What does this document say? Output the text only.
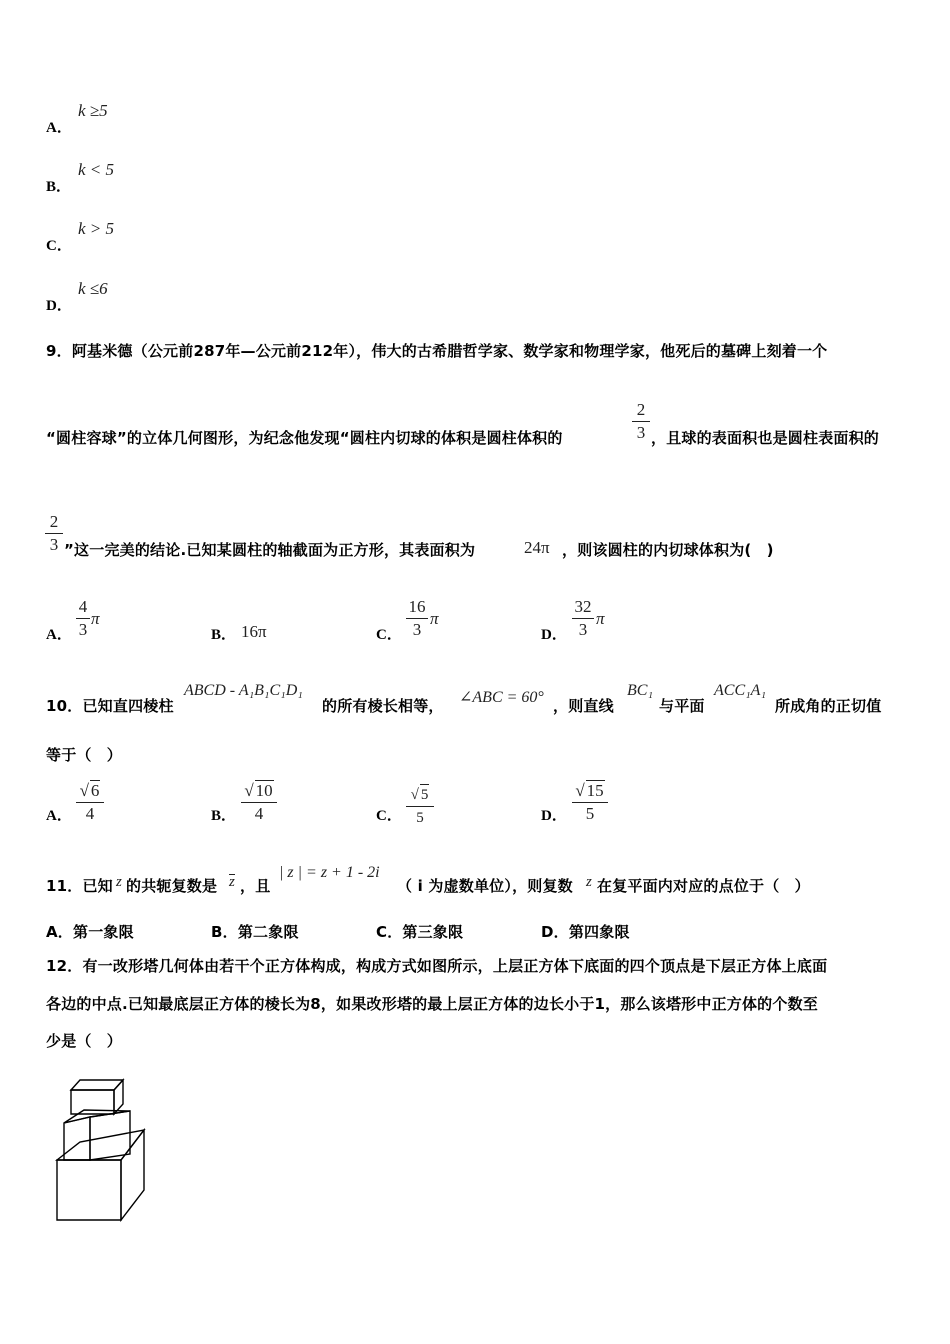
A．
k ≥5
B．
k < 5
C．
k > 5
D．
k ≤6
9．阿基米德（公元前287年—公元前212年），伟大的古希腊哲学家、数学家和物理学家，他死后的墓碑上刻着一个
“圆柱容球”的立体几何图形，为纪念他发现“圆柱内切球的体积是圆柱体积的
2
3 ，且球的表面积也是圆柱表面积的
2
3 ”这一完美的结论.已知某圆柱的轴截面为正方形，其表面积为	24π ，则该圆柱的内切球体积为(　)
A．
4
3
π
B． 16π	C．
16
3
π
D．
32
3
π
10．已知直四棱柱
ABCD - A₁B₁C₁D₁
的所有棱长相等， ∠ABC = 60° ，则直线
BC₁
与平面
ACC₁A₁
所成角的正切值
等于（　）
A．
√ 6
4	B．
√ 10
4	C．
√ 5
5	D．
√ 15
5
11．已知 z 的共轭复数是 z ，且
| z | = z + 1 - 2i
（ i 为虚数单位），则复数 z 在复平面内对应的点位于（　）
A．第一象限	B．第二象限	C．第三象限	D．第四象限
12．有一改形塔几何体由若干个正方体构成，构成方式如图所示，上层正方体下底面的四个顶点是下层正方体上底面
各边的中点.已知最底层正方体的棱长为8，如果改形塔的最上层正方体的边长小于1，那么该塔形中正方体的个数至
少是（　）
